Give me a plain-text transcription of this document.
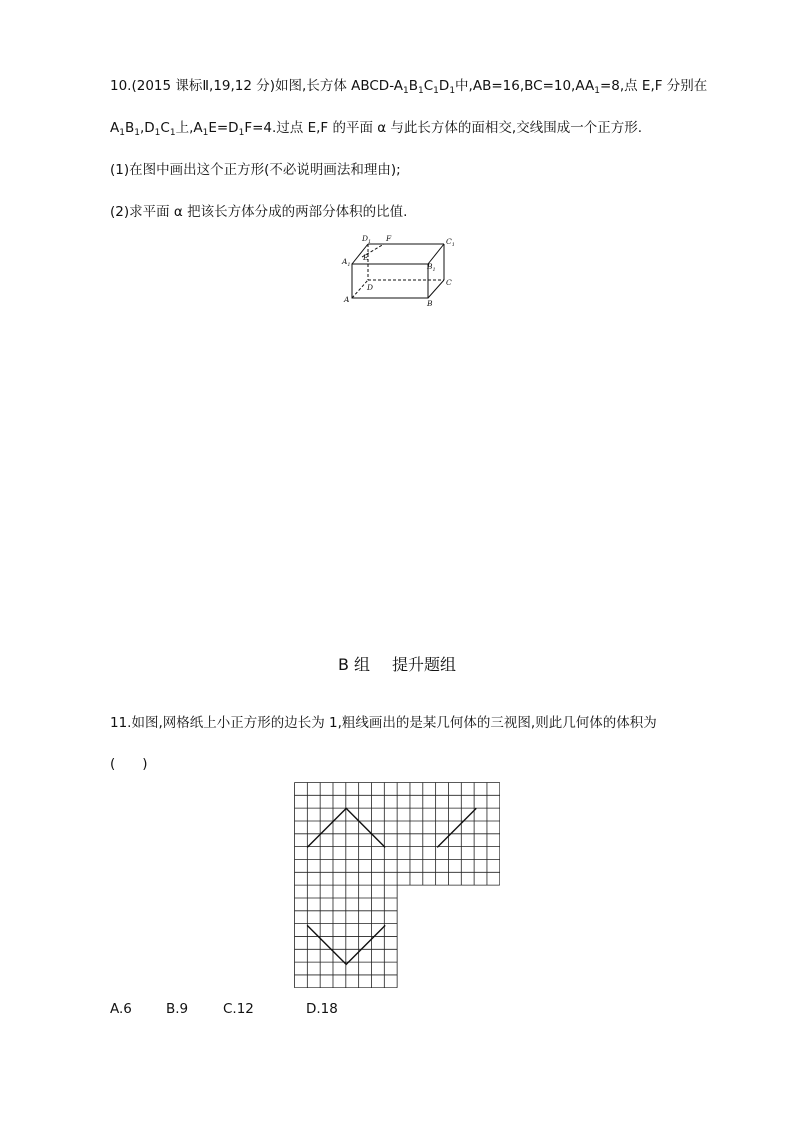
10.(2015 课标Ⅱ,19,12 分)如图,长方体 ABCD-$A_1B_1C_1D_1$中$,AB=16,BC=10,AA_1=8$,点 E,F 分别在
$A_1B_1,D_1C_1$上$,A_1E=D_1F=4$.过点 E,F 的平面 α 与此长方体的面相交,交线围成一个正方形.
(1)在图中画出这个正方形(不必说明画法和理由);
(2)求平面 α 把该长方体分成的两部分体积的比值.
$D_1$ F	$C_1$
$A_1$
E
$B_1$
D
C
A	B
B 组 提升题组
11.如图,网格纸上小正方形的边长为 1,粗线画出的是某几何体的三视图,则此几何体的体积为
(　　)
A.6	B.9	C.12	D.18
